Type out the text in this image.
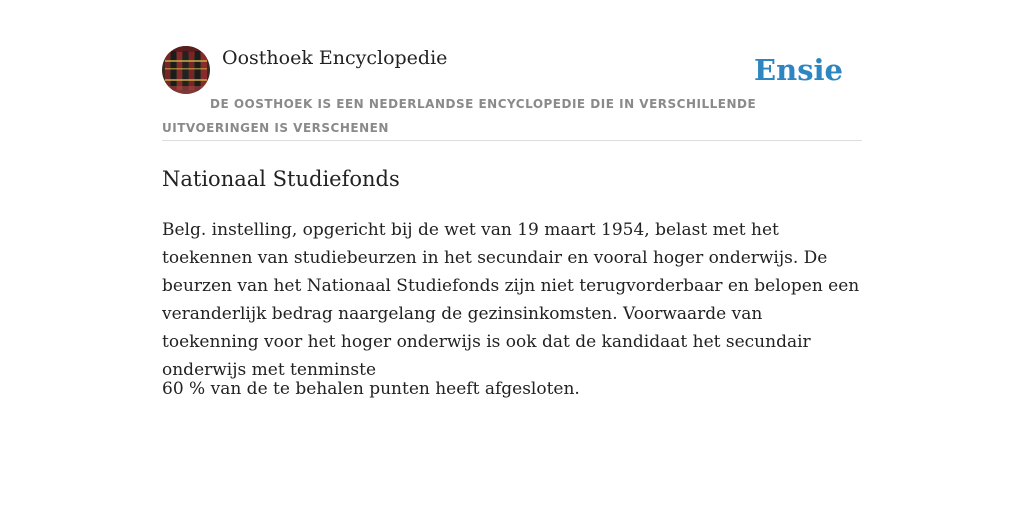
Oosthoek Encyclopedie	Ensie
DE OOSTHOEK IS EEN NEDERLANDSE ENCYCLOPEDIE DIE IN VERSCHILLENDE UITVOERINGEN IS VERSCHENEN
Nationaal Studiefonds

Belg. instelling, opgericht bij de wet van 19 maart 1954, belast met het toekennen van studiebeurzen in het secundair en vooral hoger onderwijs. De beurzen van het Nationaal Studiefonds zijn niet terugvorderbaar en belopen een veranderlijk bedrag naargelang de gezinsinkomsten. Voorwaarde van toekenning voor het hoger onderwijs is ook dat de kandidaat het secundair onderwijs met tenminste

60 % van de te behalen punten heeft afgesloten.
